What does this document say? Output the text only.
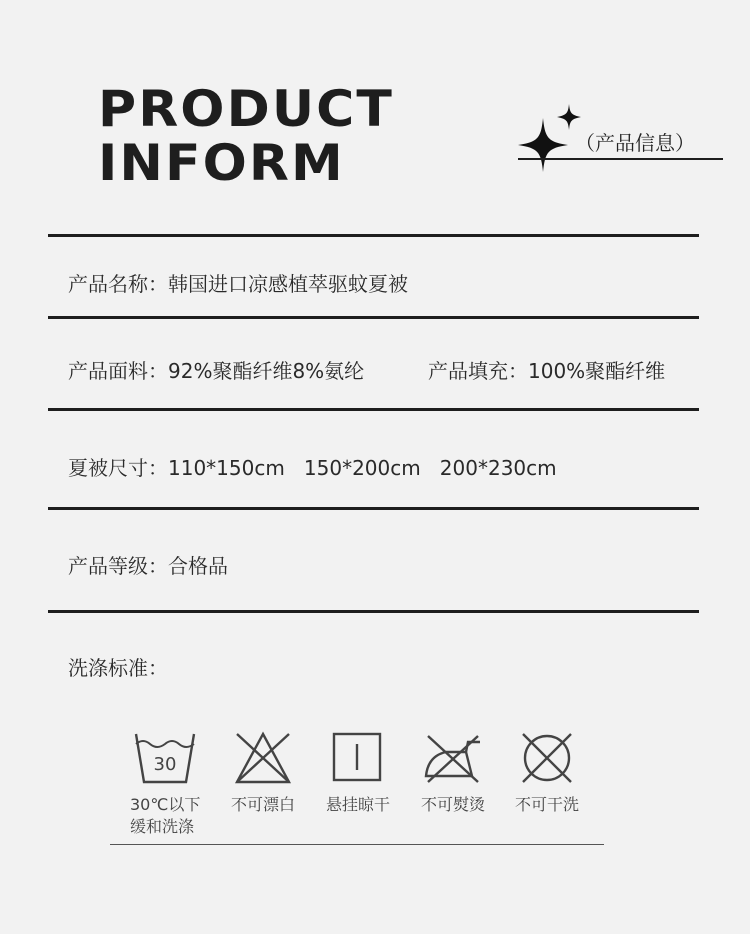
PRODUCT
INFORM	（产品信息）
产品名称：韩国进口凉感植萃驱蚊夏被
产品面料：92%聚酯纤维8%氨纶	产品填充：100%聚酯纤维
夏被尺寸：110*150cm   150*200cm   200*230cm
产品等级：合格品
洗涤标准：
30
30℃以下
缓和洗涤
不可漂白	悬挂晾干	不可熨烫	不可干洗
